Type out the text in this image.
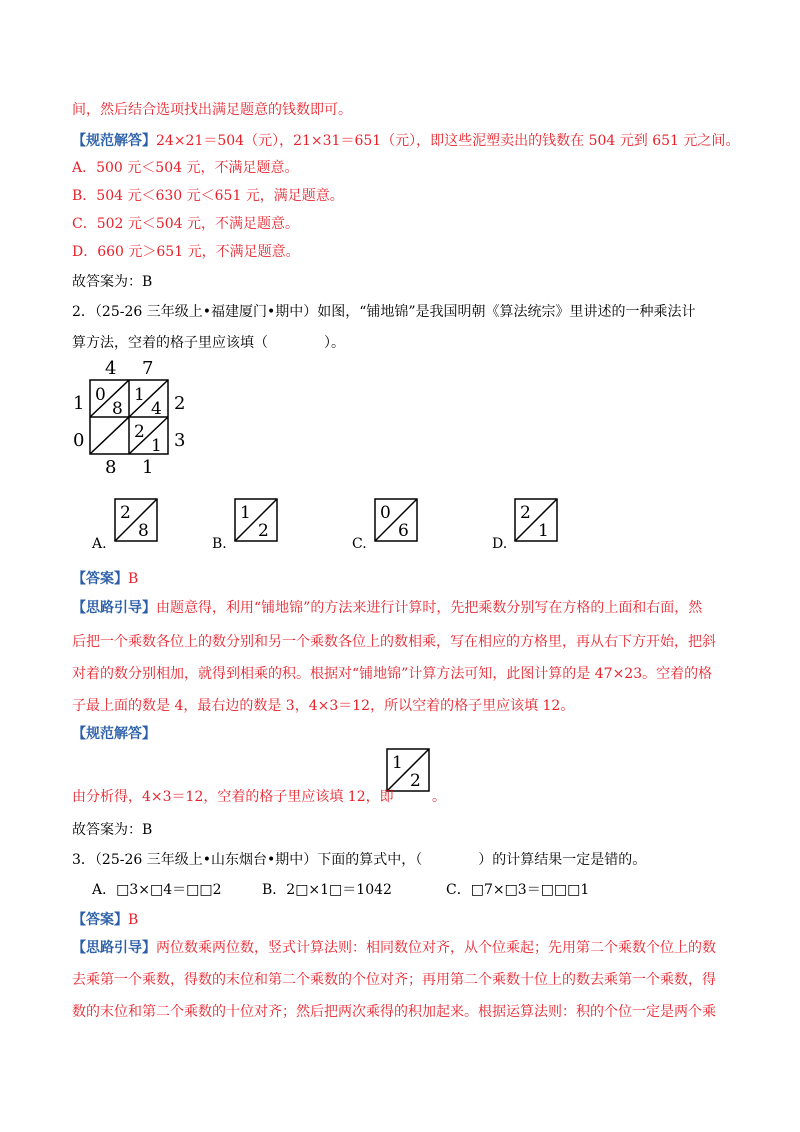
间，然后结合选项找出满足题意的钱数即可。
【规范解答】24×21＝504（元），21×31＝651（元），即这些泥塑卖出的钱数在 504 元到 651 元之间。
A．500 元＜504 元，不满足题意。
B．504 元＜630 元＜651 元，满足题意。
C．502 元＜504 元，不满足题意。
D．660 元＞651 元，不满足题意。
故答案为：B
2．（25-26 三年级上•福建厦门•期中）如图，“铺地锦”是我国明朝《算法统宗》里讲述的一种乘法计
算方法，空着的格子里应该填（　　　　）。
4 7
1
0
2
3
8 1
0
8
1
4
2
1
A.
2
8
B.
1
2
C.
0
6
D.
2
1
【答案】B
【思路引导】由题意得，利用“铺地锦”的方法来进行计算时，先把乘数分别写在方格的上面和右面，然
后把一个乘数各位上的数分别和另一个乘数各位上的数相乘，写在相应的方格里，再从右下方开始，把斜
对着的数分别相加，就得到相乘的积。根据对“铺地锦”计算方法可知，此图计算的是 47×23。空着的格
子最上面的数是 4，最右边的数是 3，4×3＝12，所以空着的格子里应该填 12。
【规范解答】
1
2
由分析得，4×3＝12，空着的格子里应该填 12，即	。
故答案为：B
3．（25-26 三年级上•山东烟台•期中）下面的算式中，（　　　　）的计算结果一定是错的。
A．□3×□4＝□□2	B．2□×1□＝1042	C．□7×□3＝□□□1
【答案】B
【思路引导】两位数乘两位数，竖式计算法则：相同数位对齐，从个位乘起；先用第二个乘数个位上的数
去乘第一个乘数，得数的末位和第二个乘数的个位对齐；再用第二个乘数十位上的数去乘第一个乘数，得
数的末位和第二个乘数的十位对齐；然后把两次乘得的积加起来。根据运算法则：积的个位一定是两个乘
